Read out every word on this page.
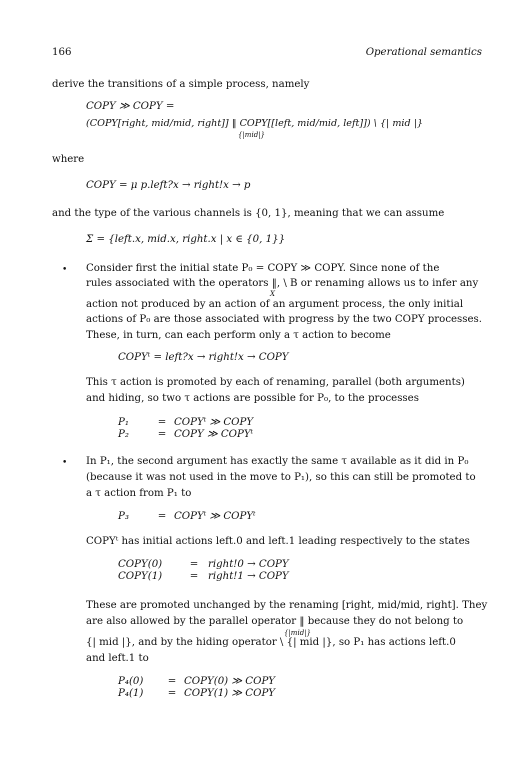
166	Operational semantics
derive the transitions of a simple process, namely
COPY ≫ COPY =
(COPY[right, mid/mid, right]] ‖ COPY[[left, mid/mid, left]]) \ {| mid |}
{|mid|}
where
COPY = μ p.left?x → right!x → p
and the type of the various channels is {0, 1}, meaning that we can assume
Σ = {left.x, mid.x, right.x | x ∈ {0, 1}}
• Consider first the initial state P₀ = COPY ≫ COPY. Since none of the
rules associated with the operators ‖, \ B or renaming allows us to infer any
X
action not produced by an action of an argument process, the only initial
actions of P₀ are those associated with progress by the two COPY processes.
These, in turn, can each perform only a τ action to become
COPYᵗ = left?x → right!x → COPY
This τ action is promoted by each of renaming, parallel (both arguments)
and hiding, so two τ actions are possible for P₀, to the processes
P₁	=	COPYᵗ ≫ COPY
P₂	=	COPY ≫ COPYᵗ
• In P₁, the second argument has exactly the same τ available as it did in P₀
(because it was not used in the move to P₁), so this can still be promoted to
a τ action from P₁ to
P₃	=	COPYᵗ ≫ COPYᵗ
COPYᵗ has initial actions left.0 and left.1 leading respectively to the states
COPY(0)	=	right!0 → COPY
COPY(1)	=	right!1 → COPY
These are promoted unchanged by the renaming [right, mid/mid, right]. They
are also allowed by the parallel operator ‖ because they do not belong to
{|mid|}
{| mid |}, and by the hiding operator \ {| mid |}, so P₁ has actions left.0
and left.1 to
P₄(0)	=	COPY(0) ≫ COPY
P₄(1)	=	COPY(1) ≫ COPY
